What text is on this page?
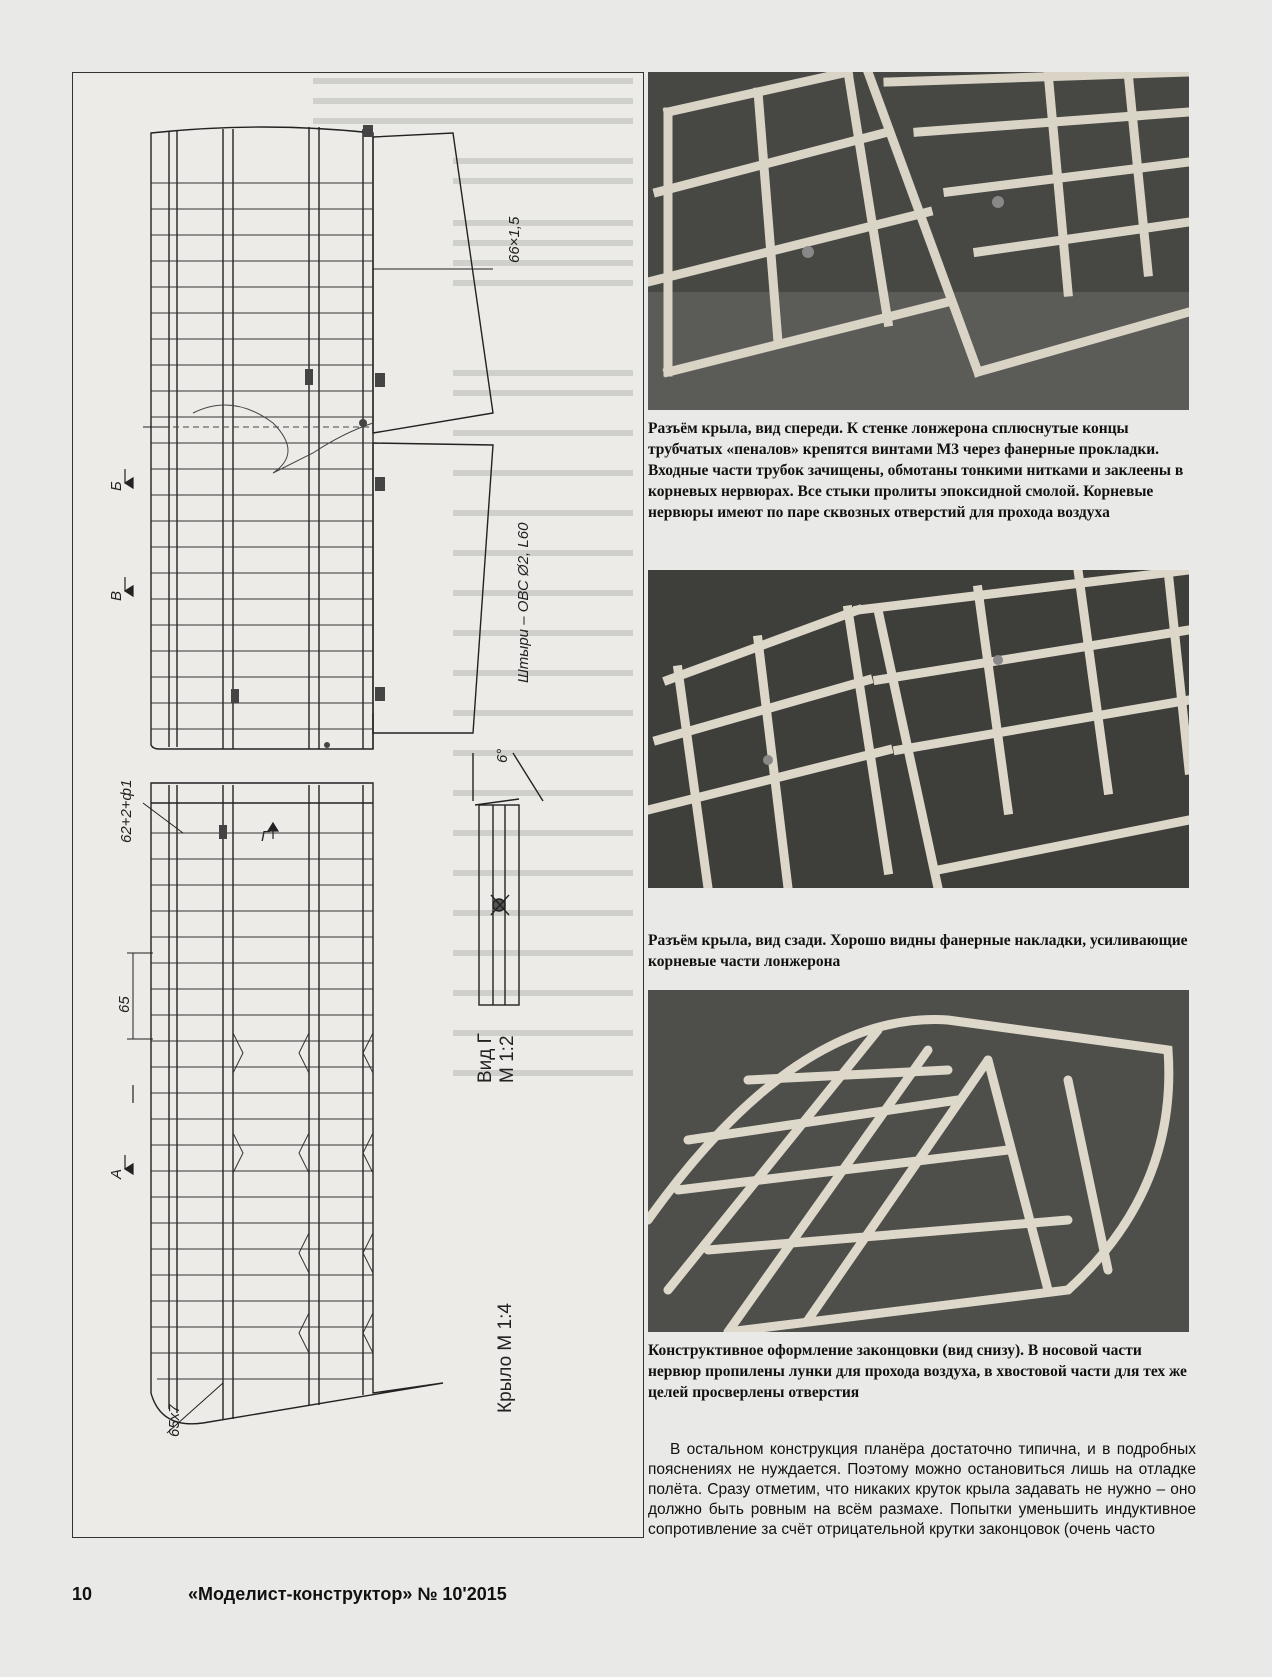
66×1,5
Штыри – ОВС Ø2, L60
6°
62+2+ф1
65
65х7
Б
В
А
Г
Вид Г М 1:2
Крыло М 1:4
Разъём крыла, вид спереди. К стенке лонжерона сплюснутые концы трубчатых «пеналов» крепятся винтами М3 через фанерные прокладки. Входные части трубок зачищены, обмотаны тонкими нитками и заклеены в корневых нервюрах. Все стыки пролиты эпоксидной смолой. Корневые нервюры имеют по паре сквозных отверстий для прохода воздуха
Разъём крыла, вид сзади. Хорошо видны фанерные накладки, усиливающие корневые части лонжерона
Конструктивное оформление законцовки (вид снизу). В носовой части нервюр пропилены лунки для прохода воздуха, в хвостовой части для тех же целей просверлены отверстия
В остальном конструкция планёра достаточно типична, и в подробных пояснениях не нуждается. Поэтому можно остановиться лишь на отладке полёта. Сразу отметим, что никаких круток крыла задавать не нужно – оно должно быть ровным на всём размахе. Попытки уменьшить индуктивное сопротивление за счёт отрицательной крутки законцовок (очень часто
10	«Моделист-конструктор» № 10'2015
